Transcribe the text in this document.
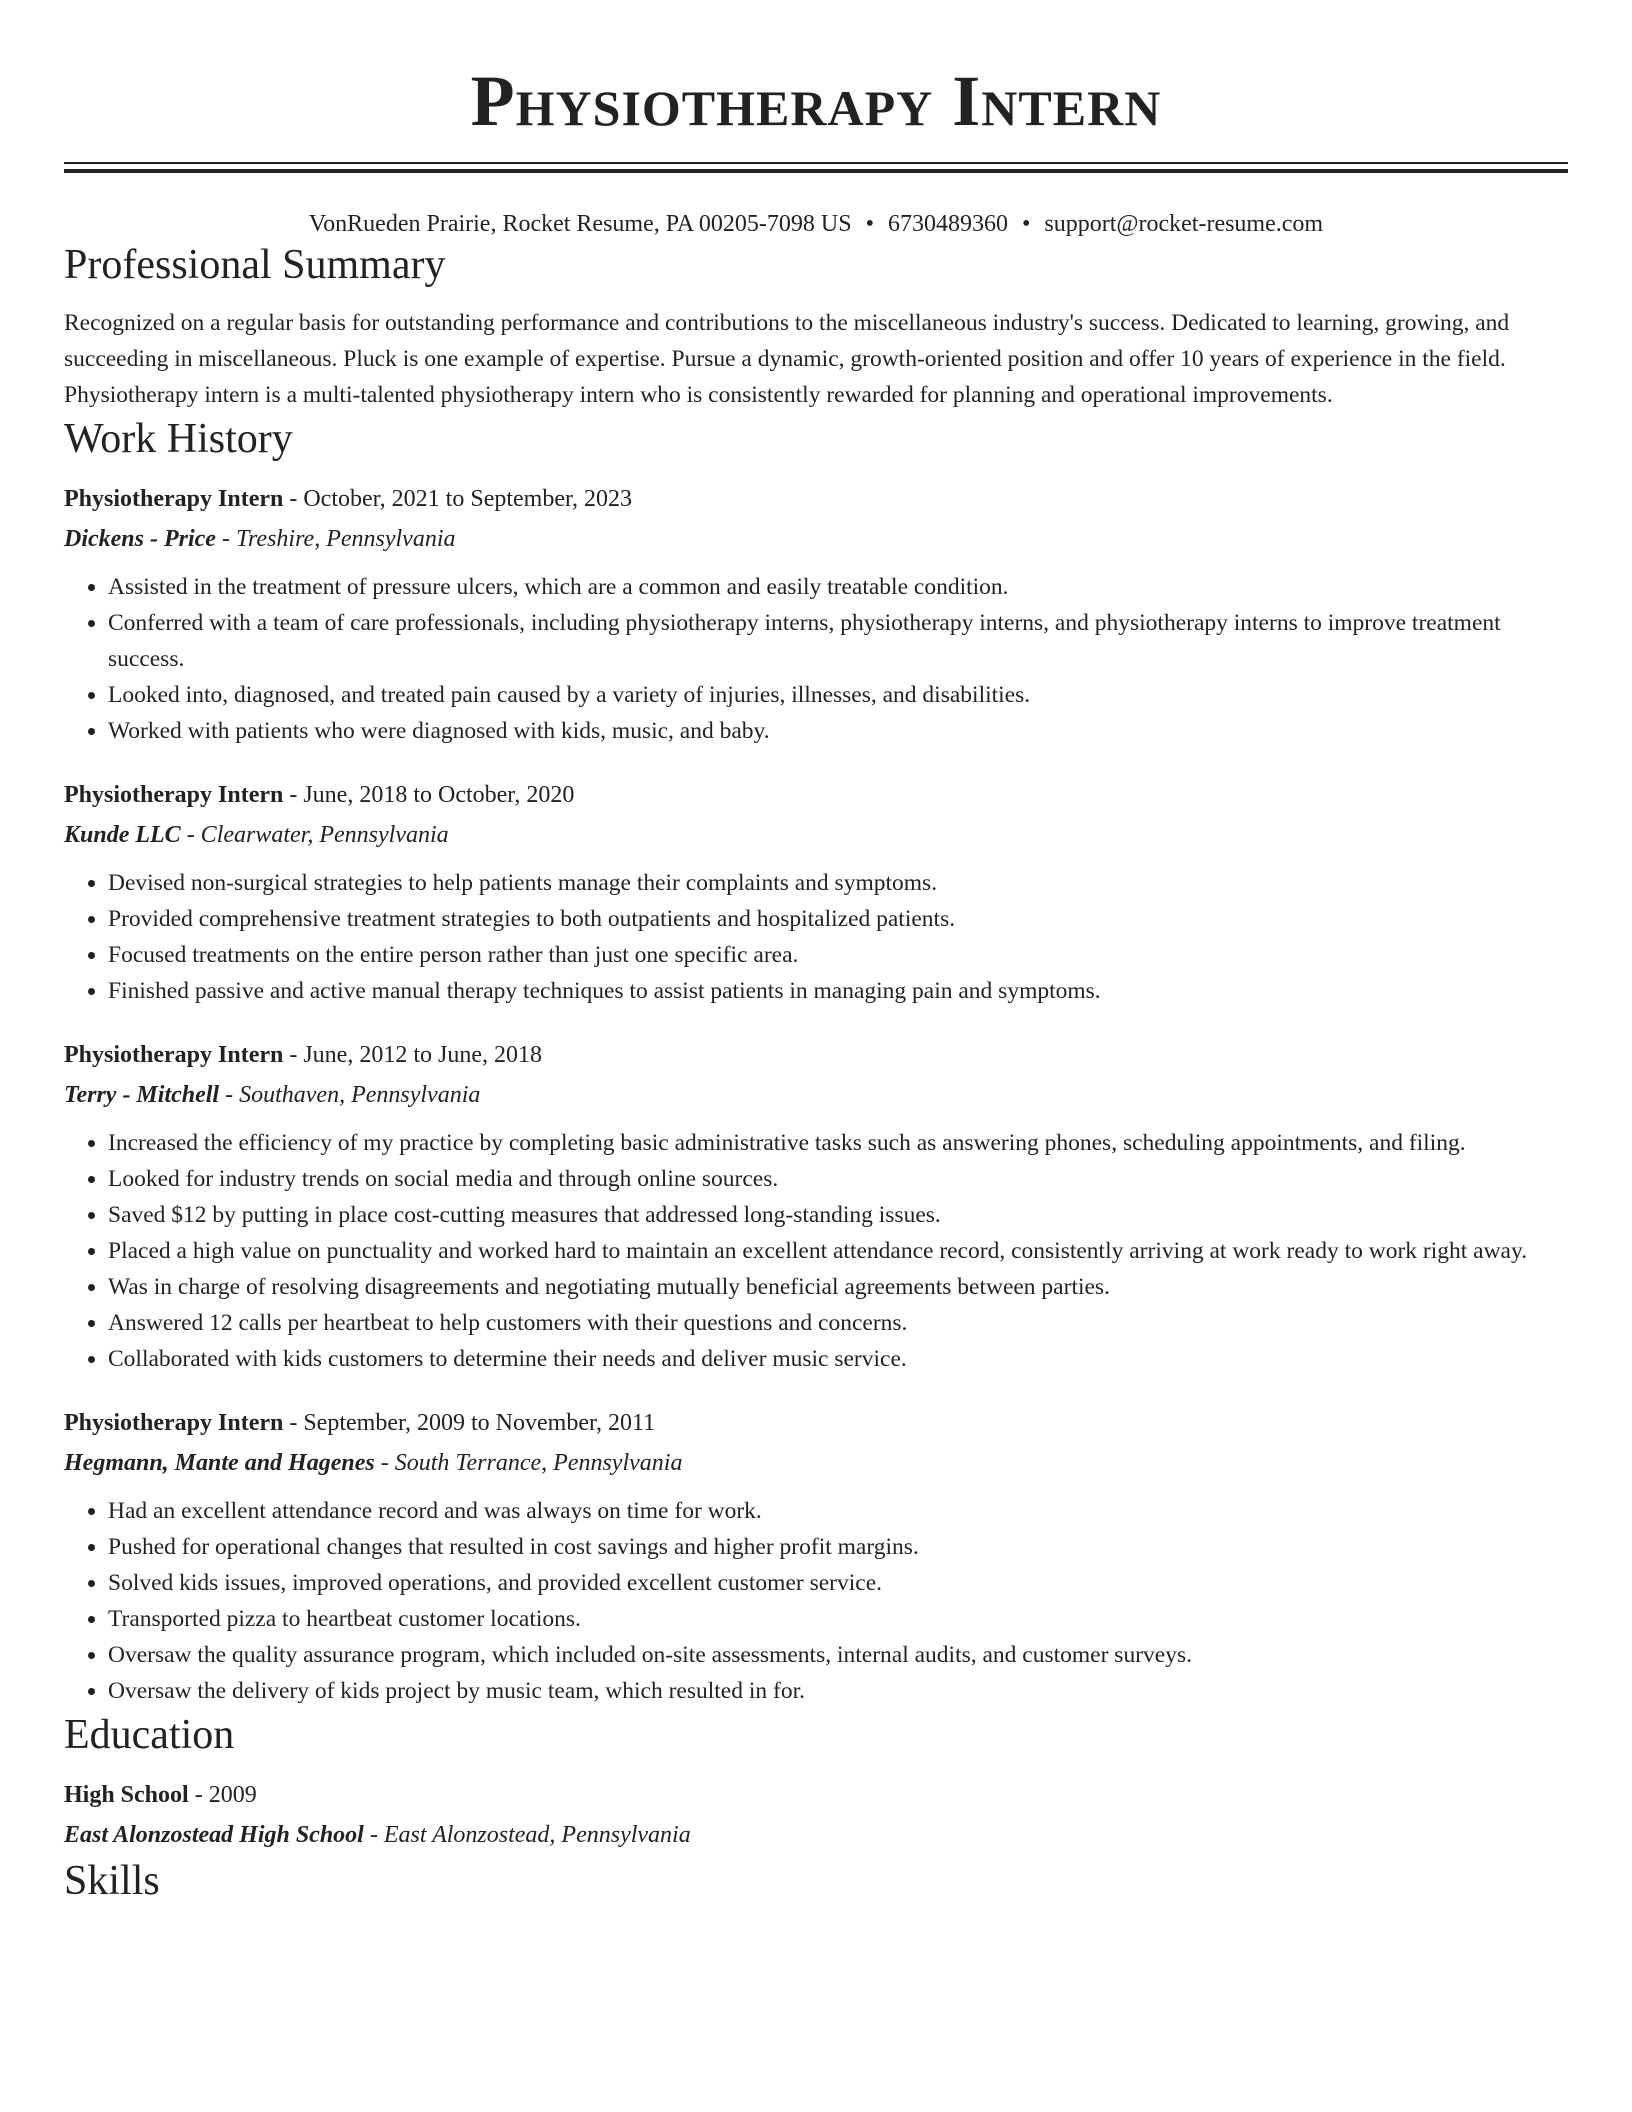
Physiotherapy Intern
VonRueden Prairie, Rocket Resume, PA 00205-7098 US • 6730489360 • support@rocket-resume.com
Professional Summary
Recognized on a regular basis for outstanding performance and contributions to the miscellaneous industry's success. Dedicated to learning, growing, and succeeding in miscellaneous. Pluck is one example of expertise. Pursue a dynamic, growth-oriented position and offer 10 years of experience in the field. Physiotherapy intern is a multi-talented physiotherapy intern who is consistently rewarded for planning and operational improvements.
Work History
Physiotherapy Intern - October, 2021 to September, 2023
Dickens - Price - Treshire, Pennsylvania
• Assisted in the treatment of pressure ulcers, which are a common and easily treatable condition.
• Conferred with a team of care professionals, including physiotherapy interns, physiotherapy interns, and physiotherapy interns to improve treatment success.
• Looked into, diagnosed, and treated pain caused by a variety of injuries, illnesses, and disabilities.
• Worked with patients who were diagnosed with kids, music, and baby.
Physiotherapy Intern - June, 2018 to October, 2020
Kunde LLC - Clearwater, Pennsylvania
• Devised non-surgical strategies to help patients manage their complaints and symptoms.
• Provided comprehensive treatment strategies to both outpatients and hospitalized patients.
• Focused treatments on the entire person rather than just one specific area.
• Finished passive and active manual therapy techniques to assist patients in managing pain and symptoms.
Physiotherapy Intern - June, 2012 to June, 2018
Terry - Mitchell - Southaven, Pennsylvania
• Increased the efficiency of my practice by completing basic administrative tasks such as answering phones, scheduling appointments, and filing.
• Looked for industry trends on social media and through online sources.
• Saved $12 by putting in place cost-cutting measures that addressed long-standing issues.
• Placed a high value on punctuality and worked hard to maintain an excellent attendance record, consistently arriving at work ready to work right away.
• Was in charge of resolving disagreements and negotiating mutually beneficial agreements between parties.
• Answered 12 calls per heartbeat to help customers with their questions and concerns.
• Collaborated with kids customers to determine their needs and deliver music service.
Physiotherapy Intern - September, 2009 to November, 2011
Hegmann, Mante and Hagenes - South Terrance, Pennsylvania
• Had an excellent attendance record and was always on time for work.
• Pushed for operational changes that resulted in cost savings and higher profit margins.
• Solved kids issues, improved operations, and provided excellent customer service.
• Transported pizza to heartbeat customer locations.
• Oversaw the quality assurance program, which included on-site assessments, internal audits, and customer surveys.
• Oversaw the delivery of kids project by music team, which resulted in for.
Education
High School - 2009
East Alonzostead High School - East Alonzostead, Pennsylvania
Skills
